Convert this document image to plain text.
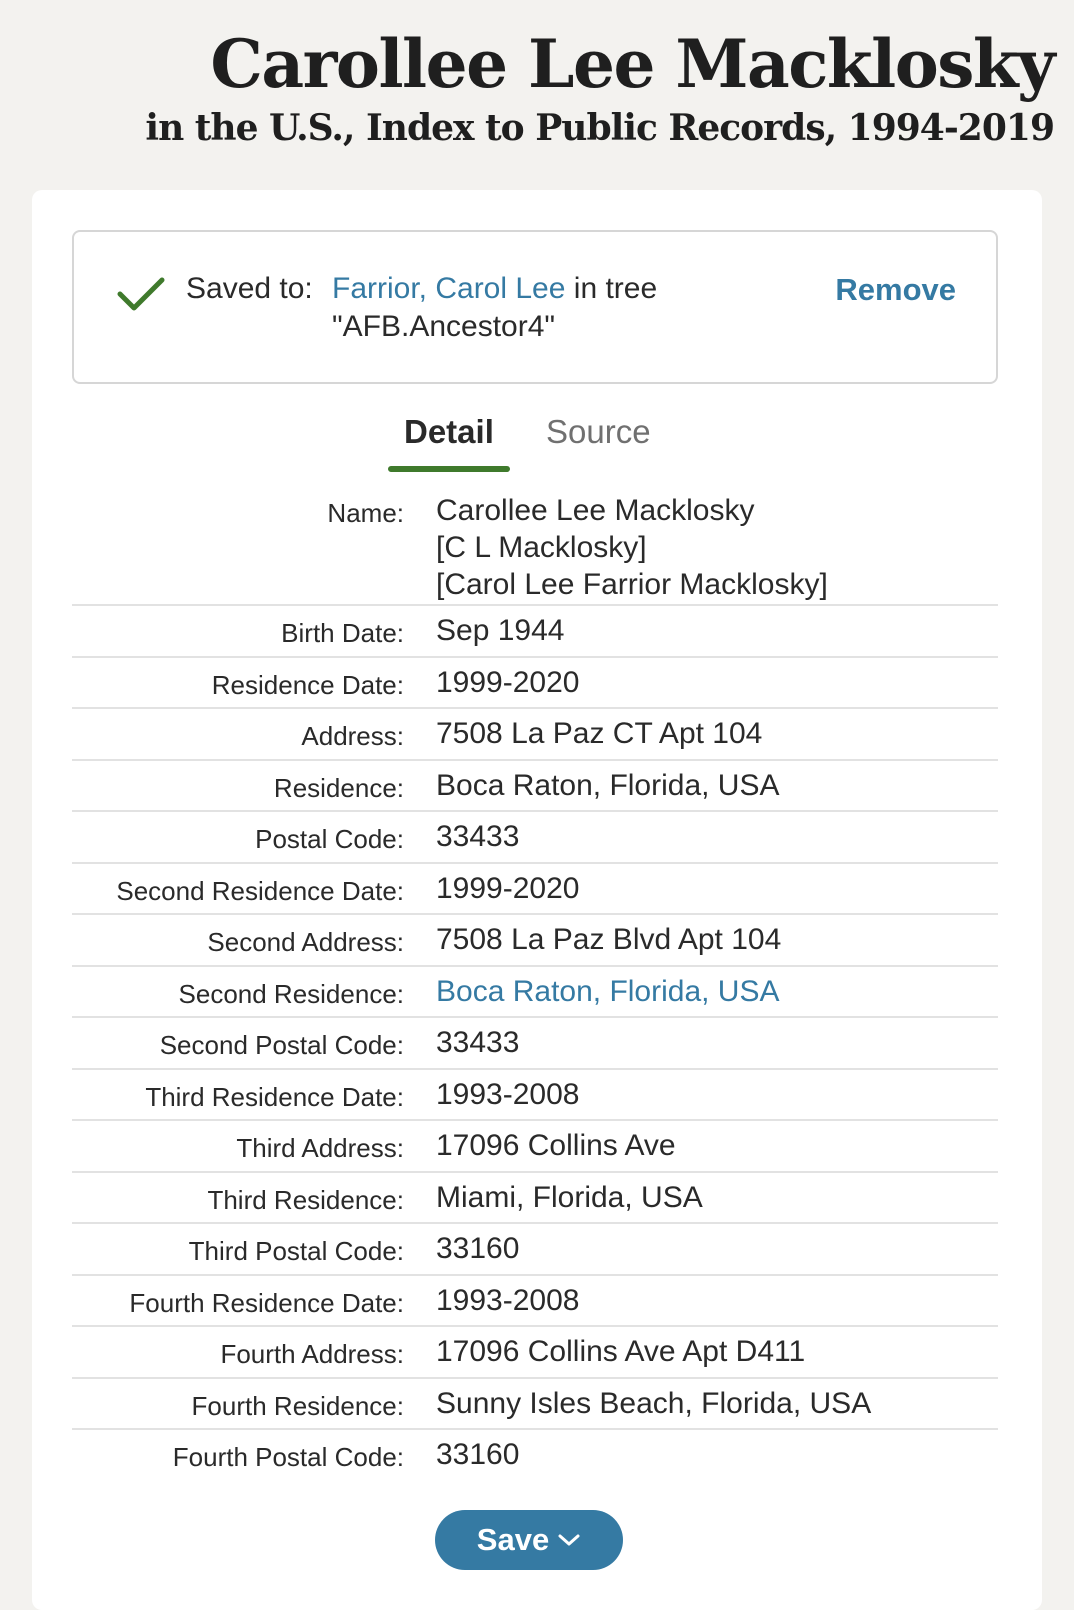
Carollee Lee Macklosky
in the U.S., Index to Public Records, 1994-2019
Saved to: Farrior, Carol Lee in tree
"AFB.Ancestor4"
Remove
Detail	Source
Name: Carollee Lee Macklosky
[C L Macklosky]
[Carol Lee Farrior Macklosky]
Birth Date: Sep 1944
Residence Date: 1999-2020
Address: 7508 La Paz CT Apt 104
Residence: Boca Raton, Florida, USA
Postal Code: 33433
Second Residence Date: 1999-2020
Second Address: 7508 La Paz Blvd Apt 104
Second Residence: Boca Raton, Florida, USA
Second Postal Code: 33433
Third Residence Date: 1993-2008
Third Address: 17096 Collins Ave
Third Residence: Miami, Florida, USA
Third Postal Code: 33160
Fourth Residence Date: 1993-2008
Fourth Address: 17096 Collins Ave Apt D411
Fourth Residence: Sunny Isles Beach, Florida, USA
Fourth Postal Code: 33160
Save
